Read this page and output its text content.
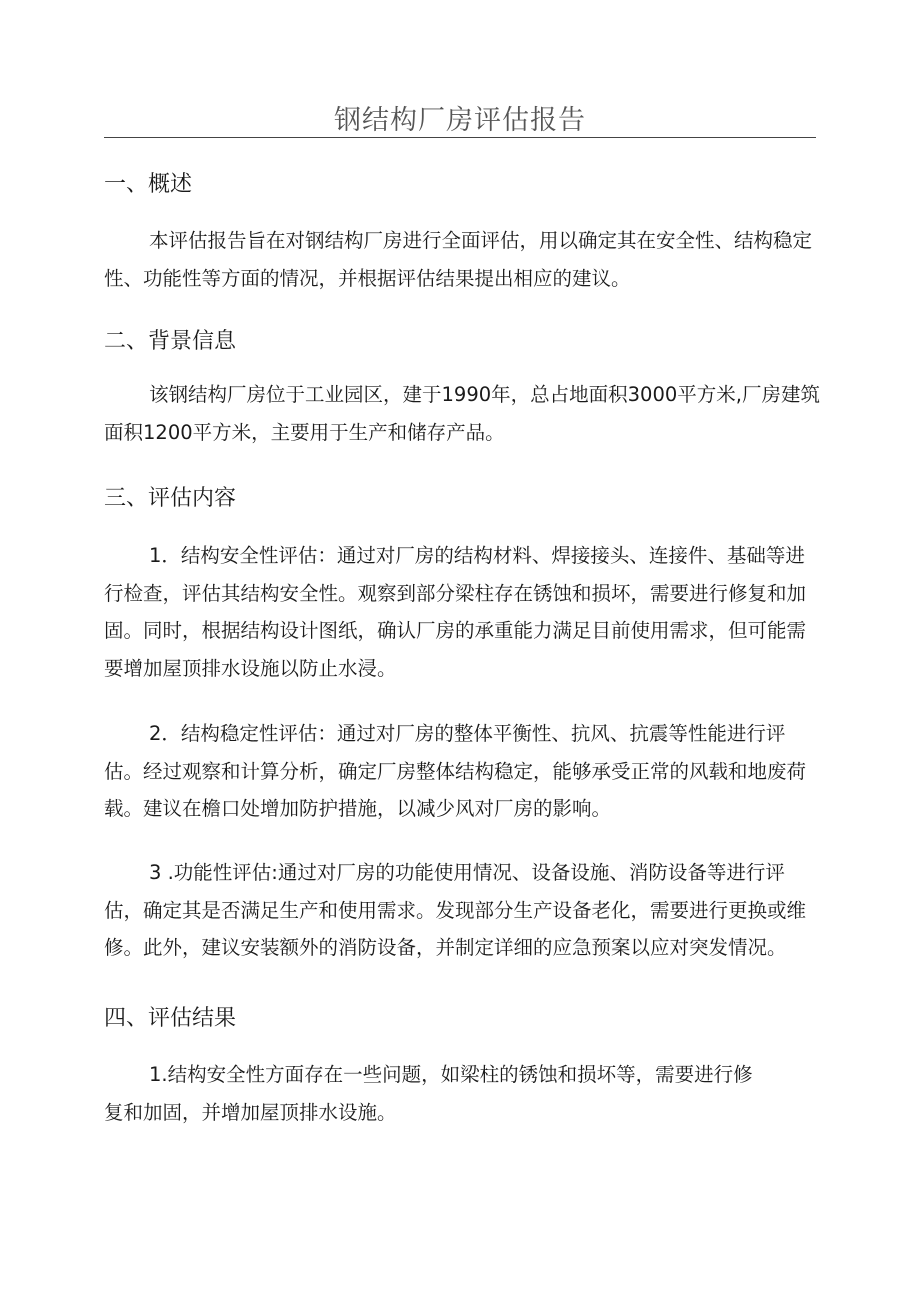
钢结构厂房评估报告
一、概述

本评估报告旨在对钢结构厂房进行全面评估，用以确定其在安全性、结构稳定性、功能性等方面的情况，并根据评估结果提出相应的建议。

二、背景信息

该钢结构厂房位于工业园区，建于1990年，总占地面积3000平方米,厂房建筑面积1200平方米，主要用于生产和储存产品。

三、评估内容

1．结构安全性评估：通过对厂房的结构材料、焊接接头、连接件、基础等进行检查，评估其结构安全性。观察到部分梁柱存在锈蚀和损坏，需要进行修复和加固。同时，根据结构设计图纸，确认厂房的承重能力满足目前使用需求，但可能需要增加屋顶排水设施以防止水浸。

2．结构稳定性评估：通过对厂房的整体平衡性、抗风、抗震等性能进行评估。经过观察和计算分析，确定厂房整体结构稳定，能够承受正常的风载和地废荷载。建议在檐口处增加防护措施，以减少风对厂房的影响。

3 .功能性评估:通过对厂房的功能使用情况、设备设施、消防设备等进行评估，确定其是否满足生产和使用需求。发现部分生产设备老化，需要进行更换或维修。此外，建议安装额外的消防设备，并制定详细的应急预案以应对突发情况。

四、评估结果

1.结构安全性方面存在一些问题，如梁柱的锈蚀和损坏等，需要进行修复和加固，并增加屋顶排水设施。
